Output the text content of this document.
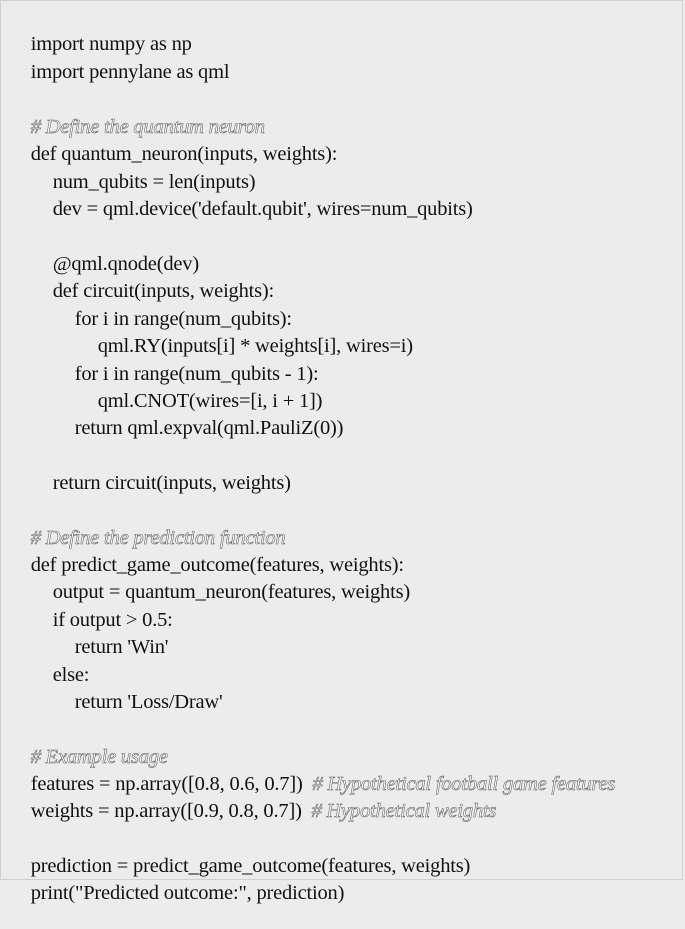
import numpy as np

import pennylane as qml

# Define the quantum neuron

def quantum_neuron(inputs, weights):

num_qubits = len(inputs)

dev = qml.device('default.qubit', wires=num_qubits)

@qml.qnode(dev)

def circuit(inputs, weights):

for i in range(num_qubits):

qml.RY(inputs[i] * weights[i], wires=i)

for i in range(num_qubits - 1):

qml.CNOT(wires=[i, i + 1])

return qml.expval(qml.PauliZ(0))

return circuit(inputs, weights)

# Define the prediction function

def predict_game_outcome(features, weights):

output = quantum_neuron(features, weights)

if output > 0.5:

return 'Win'

else:

return 'Loss/Draw'

# Example usage

features = np.array([0.8, 0.6, 0.7]) # Hypothetical football game features

weights = np.array([0.9, 0.8, 0.7]) # Hypothetical weights

prediction = predict_game_outcome(features, weights)

print("Predicted outcome:", prediction)
